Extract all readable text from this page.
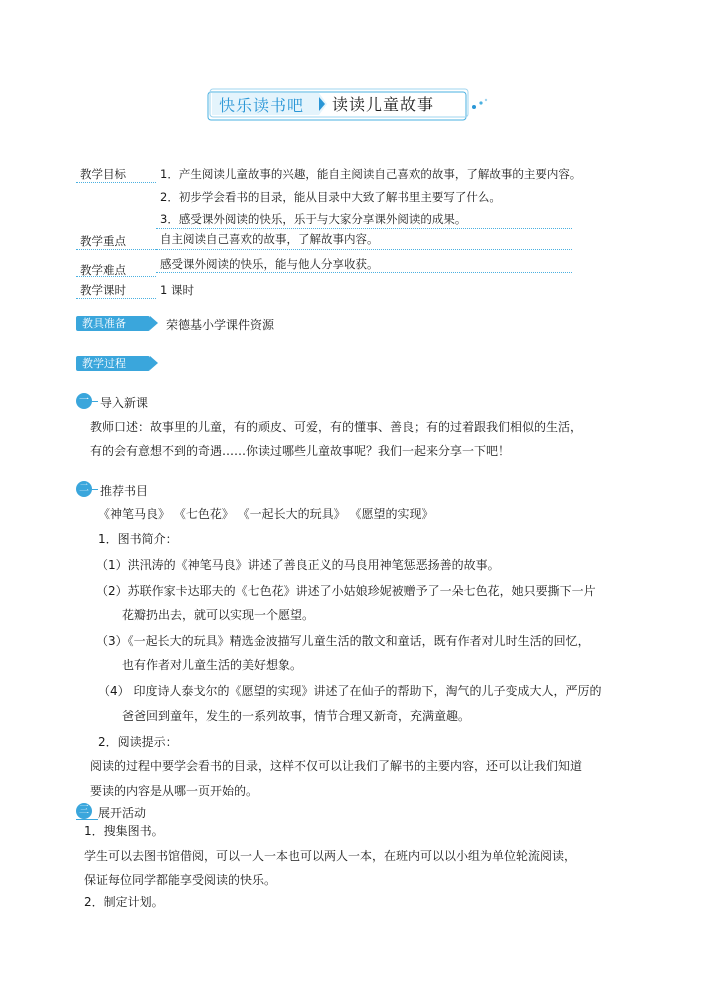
快乐读书吧 读读儿童故事
教学目标	1．产生阅读儿童故事的兴趣，能自主阅读自己喜欢的故事，了解故事的主要内容。
2．初步学会看书的目录，能从目录中大致了解书里主要写了什么。
3．感受课外阅读的快乐，乐于与大家分享课外阅读的成果。
教学重点	自主阅读自己喜欢的故事，了解故事内容。
教学难点	感受课外阅读的快乐，能与他人分享收获。
教学课时	1 课时
教具准备	荣德基小学课件资源
教学过程
一 导入新课
教师口述：故事里的儿童，有的顽皮、可爱，有的懂事、善良；有的过着跟我们相似的生活，
有的会有意想不到的奇遇……你读过哪些儿童故事呢？我们一起来分享一下吧！
二 推荐书目
《神笔马良》 《七色花》 《一起长大的玩具》 《愿望的实现》
1．图书简介：
（1）洪汛涛的《神笔马良》讲述了善良正义的马良用神笔惩恶扬善的故事。
（2）苏联作家卡达耶夫的《七色花》讲述了小姑娘珍妮被赠予了一朵七色花，她只要撕下一片
花瓣扔出去，就可以实现一个愿望。
（3）《一起长大的玩具》精选金波描写儿童生活的散文和童话，既有作者对儿时生活的回忆，
也有作者对儿童生活的美好想象。
（4） 印度诗人泰戈尔的《愿望的实现》讲述了在仙子的帮助下，淘气的儿子变成大人，严厉的
爸爸回到童年，发生的一系列故事，情节合理又新奇，充满童趣。
2．阅读提示：
阅读的过程中要学会看书的目录，这样不仅可以让我们了解书的主要内容，还可以让我们知道
要读的内容是从哪一页开始的。
三 展开活动
1．搜集图书。
学生可以去图书馆借阅，可以一人一本也可以两人一本，在班内可以以小组为单位轮流阅读，
保证每位同学都能享受阅读的快乐。
2．制定计划。
